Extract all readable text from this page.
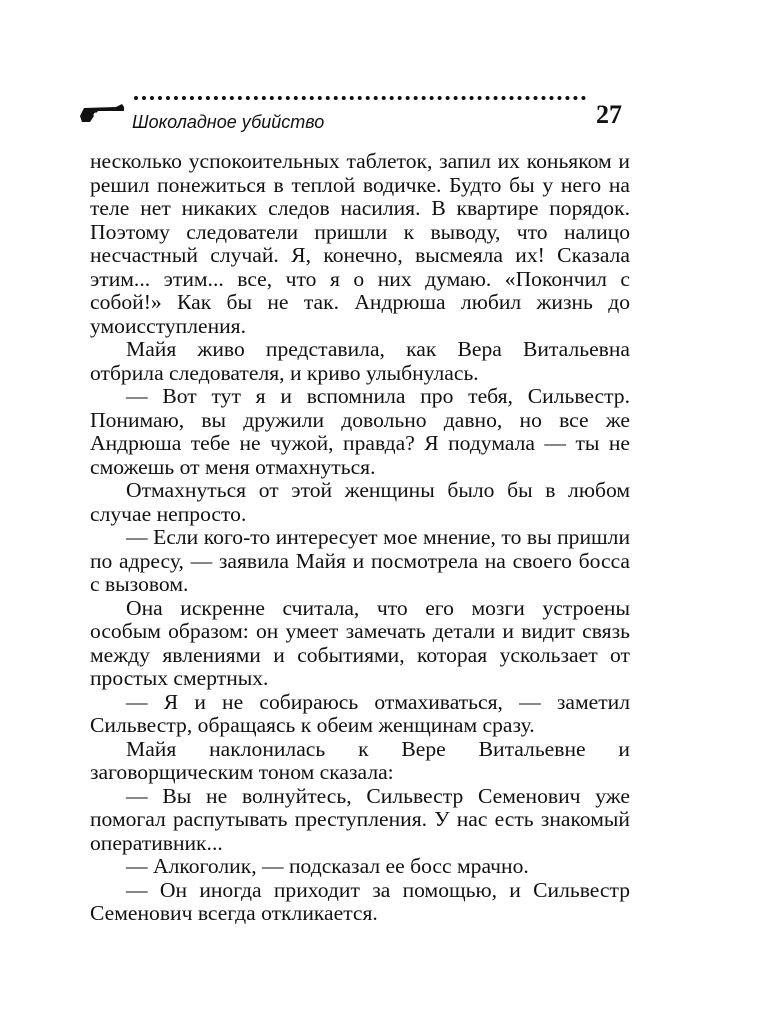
Шоколадное убийство	27

несколько успокоительных таблеток, запил их коньяком и решил понежиться в теплой водичке. Будто бы у него на теле нет никаких следов насилия. В квартире порядок. Поэтому следователи пришли к выводу, что налицо несчастный случай. Я, конечно, высмеяла их! Сказала этим... этим... все, что я о них думаю. «Покончил с собой!» Как бы не так. Андрюша любил жизнь до умоисступления.

Майя живо представила, как Вера Витальевна отбрила следователя, и криво улыбнулась.

— Вот тут я и вспомнила про тебя, Сильвестр. Понимаю, вы дружили довольно давно, но все же Андрюша тебе не чужой, правда? Я подумала — ты не сможешь от меня отмахнуться.

Отмахнуться от этой женщины было бы в любом случае непросто.

— Если кого-то интересует мое мнение, то вы пришли по адресу, — заявила Майя и посмотрела на своего босса с вызовом.

Она искренне считала, что его мозги устроены особым образом: он умеет замечать детали и видит связь между явлениями и событиями, которая ускользает от простых смертных.

— Я и не собираюсь отмахиваться, — заметил Сильвестр, обращаясь к обеим женщинам сразу.

Майя наклонилась к Вере Витальевне и заговорщическим тоном сказала:

— Вы не волнуйтесь, Сильвестр Семенович уже помогал распутывать преступления. У нас есть знакомый оперативник...

— Алкоголик, — подсказал ее босс мрачно.

— Он иногда приходит за помощью, и Сильвестр Семенович всегда откликается.
